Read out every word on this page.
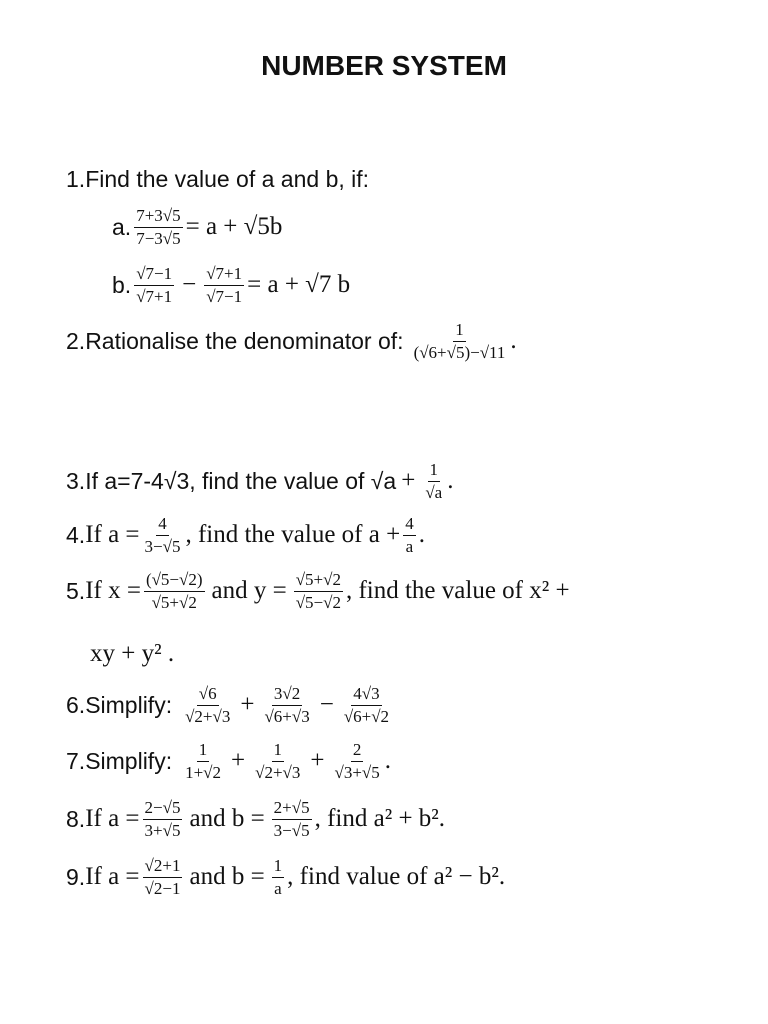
NUMBER SYSTEM
1. Find the value of a and b, if:
a. $\frac{7+3√5}{7-3√5} = a + √5b$
b. $\frac{√7-1}{√7+1} - \frac{√7+1}{√7-1} = a + √7$ b
2. Rationalise the denominator of: $\frac{1}{(√6+√5)-√11}$ .
3. If a=7-4√3, find the value of $√a + \frac{1}{√a}$ .
4. If $a = \frac{4}{3-√5}$ , find the value of $a + \frac{4}{a}$ .
5. If $x = \frac{(√5-√2)}{√5+√2}$ and $y = \frac{√5+√2}{√5-√2}$ , find the value of x² +
xy + y² .
6. Simplify: $\frac{√6}{√2+√3} + \frac{3√2}{√6+√3} - \frac{4√3}{√6+√2}$
7. Simplify: $\frac{1}{1+√2} + \frac{1}{√2+√3} + \frac{2}{√3+√5}$ .
8. If $a = \frac{2-√5}{3+√5}$ and $b = \frac{2+√5}{3-√5}$ , find a² + b².
9. If $a = \frac{√2+1}{√2-1}$ and $b = \frac{1}{a}$ , find value of a² − b².
